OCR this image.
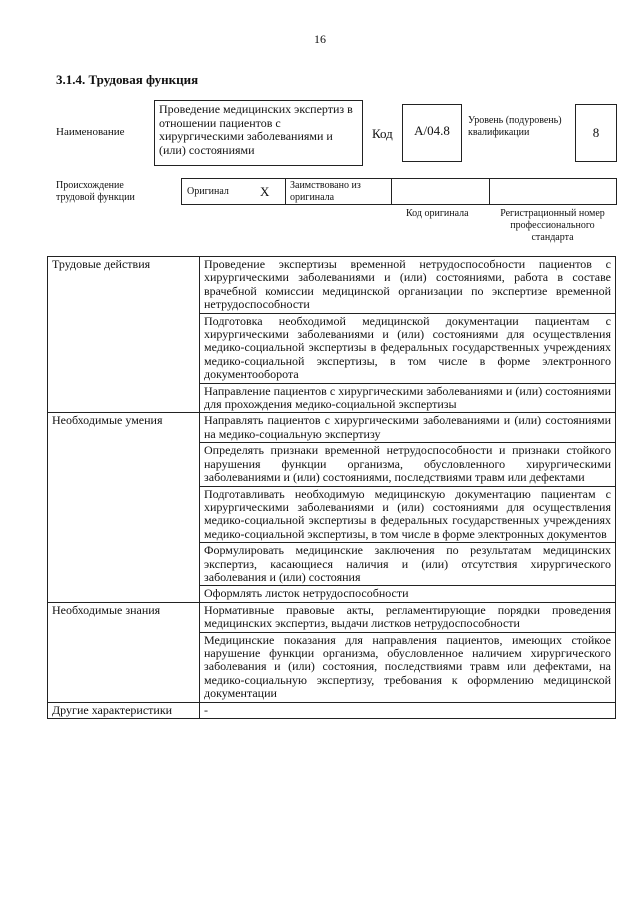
16
3.1.4. Трудовая функция
Наименование
Проведение медицинских экспертиз в отношении пациентов с хирургическими заболеваниями и (или) состояниями
Код	А/04.8
Уровень (подуровень) квалификации	8
Происхождение трудовой функции
Оригинал X Заимствовано из оригинала
Код оригинала	Регистрационный номер профессионального стандарта
Трудовые действия	Проведение экспертизы временной нетрудоспособности пациентов с хирургическими заболеваниями и (или) состояниями, работа в составе врачебной комиссии медицинской организации по экспертизе временной нетрудоспособности
	Подготовка необходимой медицинской документации пациентам с хирургическими заболеваниями и (или) состояниями для осуществления медико-социальной экспертизы в федеральных государственных учреждениях медико-социальной экспертизы, в том числе в форме электронного документооборота
	Направление пациентов с хирургическими заболеваниями и (или) состояниями для прохождения медико-социальной экспертизы
Необходимые умения	Направлять пациентов с хирургическими заболеваниями и (или) состояниями на медико-социальную экспертизу
	Определять признаки временной нетрудоспособности и признаки стойкого нарушения функции организма, обусловленного хирургическими заболеваниями и (или) состояниями, последствиями травм или дефектами
	Подготавливать необходимую медицинскую документацию пациентам с хирургическими заболеваниями и (или) состояниями для осуществления медико-социальной экспертизы в федеральных государственных учреждениях медико-социальной экспертизы, в том числе в форме электронных документов
	Формулировать медицинские заключения по результатам медицинских экспертиз, касающиеся наличия и (или) отсутствия хирургического заболевания и (или) состояния
	Оформлять листок нетрудоспособности
Необходимые знания	Нормативные правовые акты, регламентирующие порядки проведения медицинских экспертиз, выдачи листков нетрудоспособности
	Медицинские показания для направления пациентов, имеющих стойкое нарушение функции организма, обусловленное наличием хирургического заболевания и (или) состояния, последствиями травм или дефектами, на медико-социальную экспертизу, требования к оформлению медицинской документации
Другие характеристики	-
